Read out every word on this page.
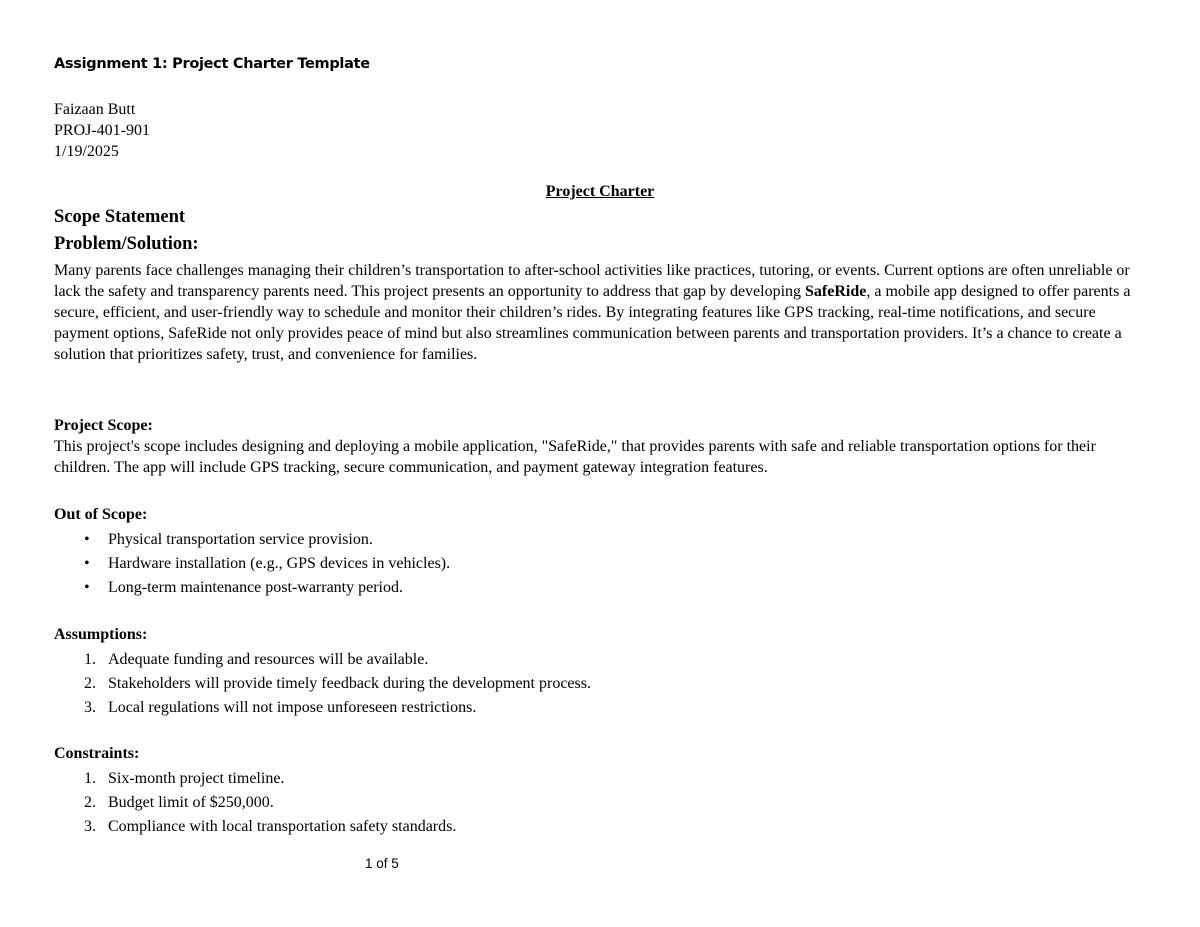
Assignment 1: Project Charter Template
Faizaan Butt
PROJ-401-901
1/19/2025
Project Charter
Scope Statement
Problem/Solution:

Many parents face challenges managing their children’s transportation to after-school activities like practices, tutoring, or events. Current options are often unreliable or lack the safety and transparency parents need. This project presents an opportunity to address that gap by developing SafeRide, a mobile app designed to offer parents a secure, efficient, and user-friendly way to schedule and monitor their children’s rides. By integrating features like GPS tracking, real-time notifications, and secure payment options, SafeRide not only provides peace of mind but also streamlines communication between parents and transportation providers. It’s a chance to create a solution that prioritizes safety, trust, and convenience for families.

Project Scope:

This project's scope includes designing and deploying a mobile application, "SafeRide," that provides parents with safe and reliable transportation options for their children. The app will include GPS tracking, secure communication, and payment gateway integration features.

Out of Scope:
• Physical transportation service provision.
• Hardware installation (e.g., GPS devices in vehicles).
• Long-term maintenance post-warranty period.
Assumptions:
1. Adequate funding and resources will be available.
2. Stakeholders will provide timely feedback during the development process.
3. Local regulations will not impose unforeseen restrictions.
Constraints:
1. Six-month project timeline.
2. Budget limit of $250,000.
3. Compliance with local transportation safety standards.
1 of 5
